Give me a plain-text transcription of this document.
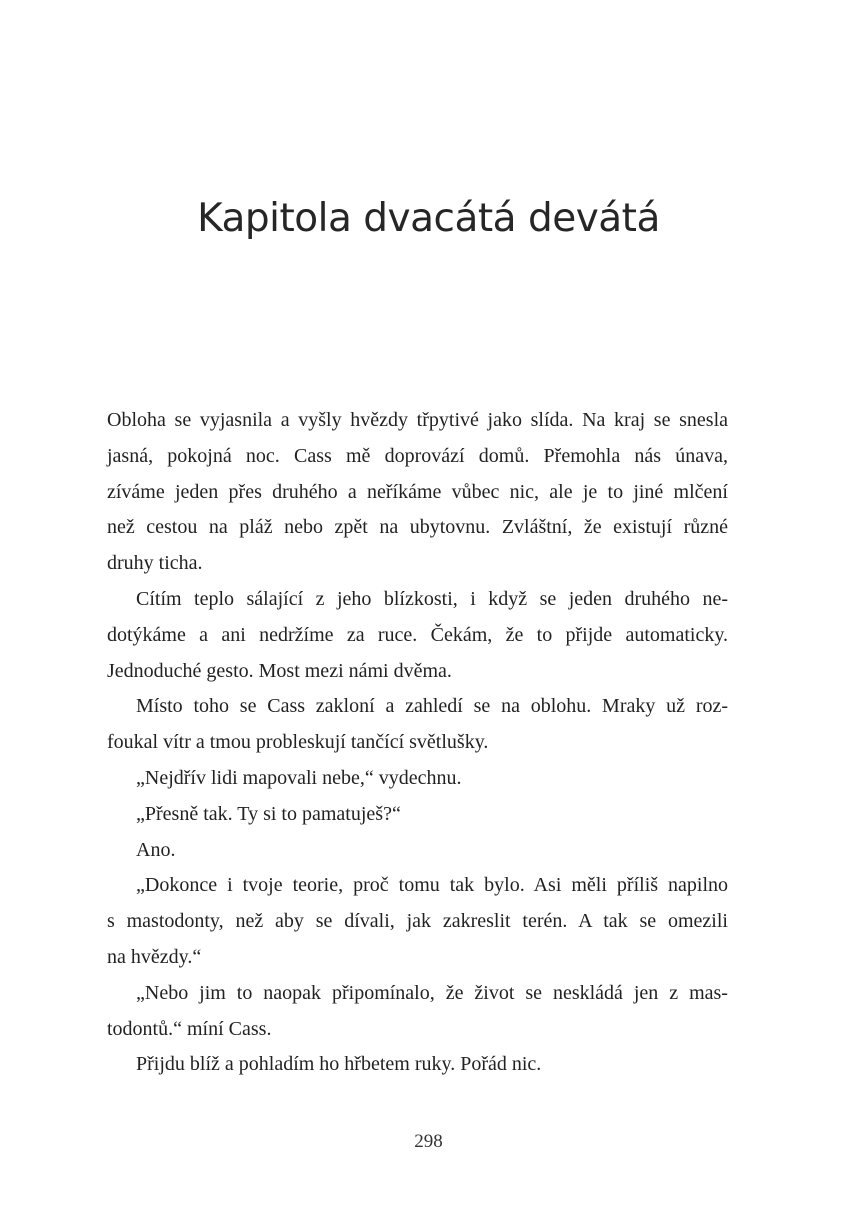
Kapitola dvacátá devátá
Obloha se vyjasnila a vyšly hvězdy třpytivé jako slída. Na kraj se snesla
jasná, pokojná noc. Cass mě doprovází domů. Přemohla nás únava,
zíváme jeden přes druhého a neříkáme vůbec nic, ale je to jiné mlčení
než cestou na pláž nebo zpět na ubytovnu. Zvláštní, že existují různé
druhy ticha.
Cítím teplo sálající z jeho blízkosti, i když se jeden druhého ne-
dotýkáme a ani nedržíme za ruce. Čekám, že to přijde automaticky.
Jednoduché gesto. Most mezi námi dvěma.
Místo toho se Cass zakloní a zahledí se na oblohu. Mraky už roz-
foukal vítr a tmou probleskují tančící světlušky.
„Nejdřív lidi mapovali nebe,“ vydechnu.
„Přesně tak. Ty si to pamatuješ?“
Ano.
„Dokonce i tvoje teorie, proč tomu tak bylo. Asi měli příliš napilno
s mastodonty, než aby se dívali, jak zakreslit terén. A tak se omezili
na hvězdy.“
„Nebo jim to naopak připomínalo, že život se neskládá jen z mas-
todontů.“ míní Cass.
Přijdu blíž a pohladím ho hřbetem ruky. Pořád nic.
298
